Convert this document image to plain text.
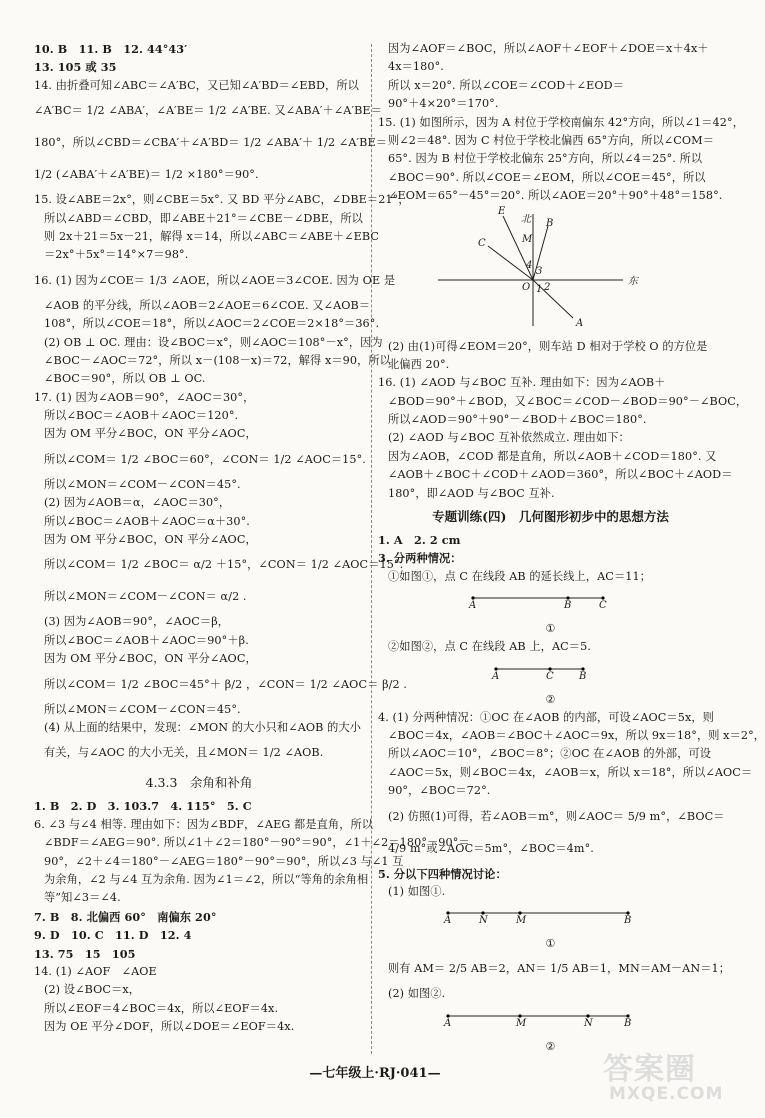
10. B　11. B　12. 44°43′

13. 105 或 35

14. 由折叠可知∠ABC＝∠A′BC，又已知∠A′BD＝∠EBD，所以

∠A′BC＝ 1/2 ∠ABA′，∠A′BE＝ 1/2 ∠A′BE. 又∠ABA′＋∠A′BE＝

180°，所以∠CBD＝∠CBA′＋∠A′BD＝ 1/2 ∠ABA′＋ 1/2 ∠A′BE＝

1/2 (∠ABA′＋∠A′BE)＝ 1/2 ×180°＝90°.

15. 设∠ABE＝2x°，则∠CBE＝5x°. 又 BD 平分∠ABC，∠DBE＝21°，

所以∠ABD＝∠CBD，即∠ABE＋21°＝∠CBE－∠DBE，所以

则 2x＋21＝5x－21，解得 x＝14，所以∠ABC＝∠ABE＋∠EBC

＝2x°＋5x°＝14°×7＝98°.

16. (1) 因为∠COE＝ 1/3 ∠AOE，所以∠AOE＝3∠COE. 因为 OE 是

∠AOB 的平分线，所以∠AOB＝2∠AOE＝6∠COE. 又∠AOB＝

108°，所以∠COE＝18°，所以∠AOC＝2∠COE＝2×18°＝36°.

(2) OB ⊥ OC. 理由：设∠BOC＝x°，则∠AOC＝108°－x°，因为

∠BOC－∠AOC＝72°，所以 x－(108－x)＝72，解得 x＝90，所以

∠BOC＝90°，所以 OB ⊥ OC.

17. (1) 因为∠AOB＝90°，∠AOC＝30°，

所以∠BOC＝∠AOB＋∠AOC＝120°.

因为 OM 平分∠BOC，ON 平分∠AOC，

所以∠COM＝ 1/2 ∠BOC＝60°，∠CON＝ 1/2 ∠AOC＝15°.

所以∠MON＝∠COM－∠CON＝45°.

(2) 因为∠AOB＝α，∠AOC＝30°，

所以∠BOC＝∠AOB＋∠AOC＝α＋30°.

因为 OM 平分∠BOC，ON 平分∠AOC，

所以∠COM＝ 1/2 ∠BOC＝ α/2 ＋15°，∠CON＝ 1/2 ∠AOC＝15°.

所以∠MON＝∠COM－∠CON＝ α/2 .

(3) 因为∠AOB＝90°，∠AOC＝β，

所以∠BOC＝∠AOB＋∠AOC＝90°＋β.

因为 OM 平分∠BOC，ON 平分∠AOC，

所以∠COM＝ 1/2 ∠BOC＝45°＋ β/2 ，∠CON＝ 1/2 ∠AOC＝ β/2 .

所以∠MON＝∠COM－∠CON＝45°.

(4) 从上面的结果中，发现：∠MON 的大小只和∠AOB 的大小

有关，与∠AOC 的大小无关，且∠MON＝ 1/2 ∠AOB.

4.3.3　余角和补角

1. B　2. D　3. 103.7　4. 115°　5. C

6. ∠3 与∠4 相等. 理由如下：因为∠BDF，∠AEG 都是直角，所以

∠BDF＝∠AEG＝90°. 所以∠1＋∠2＝180°－90°＝90°，∠1＋∠2＝180°－90°＝

90°，∠2＋∠4＝180°－∠AEG＝180°－90°＝90°，所以∠3 与∠1 互

为余角，∠2 与∠4 互为余角. 因为∠1＝∠2，所以“等角的余角相

等”知∠3＝∠4.

7. B　8. 北偏西 60°　南偏东 20°

9. D　10. C　11. D　12. 4

13. 75　15　105

14. (1) ∠AOF　∠AOE

(2) 设∠BOC＝x，

所以∠EOF＝4∠BOC＝4x，所以∠EOF＝4x.

因为 OE 平分∠DOF，所以∠DOE＝∠EOF＝4x.

因为∠AOF＝∠BOC，所以∠AOF＋∠EOF＋∠DOE＝x＋4x＋

4x＝180°.

所以 x＝20°. 所以∠COE＝∠COD＋∠EOD＝

90°＋4×20°＝170°.

15. (1) 如图所示，因为 A 村位于学校南偏东 42°方向，所以∠1＝42°，

则∠2＝48°. 因为 C 村位于学校北偏西 65°方向，所以∠COM＝

65°. 因为 B 村位于学校北偏东 25°方向，所以∠4＝25°. 所以

∠BOC＝90°. 所以∠COE＝∠EOM，所以∠COE＝45°，所以

∠EOM＝65°－45°＝20°. 所以∠AOE＝20°＋90°＋48°＝158°.

E
北
M
B
C
东
O
A
1 2
3
4

(2) 由(1)可得∠EOM＝20°，则车站 D 相对于学校 O 的方位是

北偏西 20°.

16. (1) ∠AOD 与∠BOC 互补. 理由如下：因为∠AOB＋

∠BOD＝90°＋∠BOD，又∠BOC＝∠COD－∠BOD＝90°－∠BOC，

所以∠AOD＝90°＋90°－∠BOD＋∠BOC＝180°.

(2) ∠AOD 与∠BOC 互补依然成立. 理由如下：

因为∠AOB，∠COD 都是直角，所以∠AOB＋∠COD＝180°. 又

∠AOB＋∠BOC＋∠COD＋∠AOD＝360°，所以∠BOC＋∠AOD＝

180°，即∠AOD 与∠BOC 互补.

专题训练(四)　几何图形初步中的思想方法

1. A　2. 2 cm

3. 分两种情况：

①如图①，点 C 在线段 AB 的延长线上，AC＝11；

A	B	C
①

②如图②，点 C 在线段 AB 上，AC＝5.

A	C	B
②

4. (1) 分两种情况：①OC 在∠AOB 的内部，可设∠AOC＝5x，则

∠BOC＝4x，∠AOB＝∠BOC＋∠AOC＝9x，所以 9x＝18°，则 x＝2°，

所以∠AOC＝10°，∠BOC＝8°；②OC 在∠AOB 的外部，可设

∠AOC＝5x，则∠BOC＝4x，∠AOB＝x，所以 x＝18°，所以∠AOC＝

90°，∠BOC＝72°.

(2) 仿照(1)可得，若∠AOB＝m°，则∠AOC＝ 5/9 m°，∠BOC＝

4/9 m°或∠AOC＝5m°，∠BOC＝4m°.

5. 分以下四种情况讨论：

(1) 如图①.

A	N	M	B
①

则有 AM＝ 2/5 AB＝2，AN＝ 1/5 AB＝1，MN＝AM－AN＝1；

(2) 如图②.

A	M	N	B
②
—七年级上·RJ·041—	答案圈
MXQE.COM
